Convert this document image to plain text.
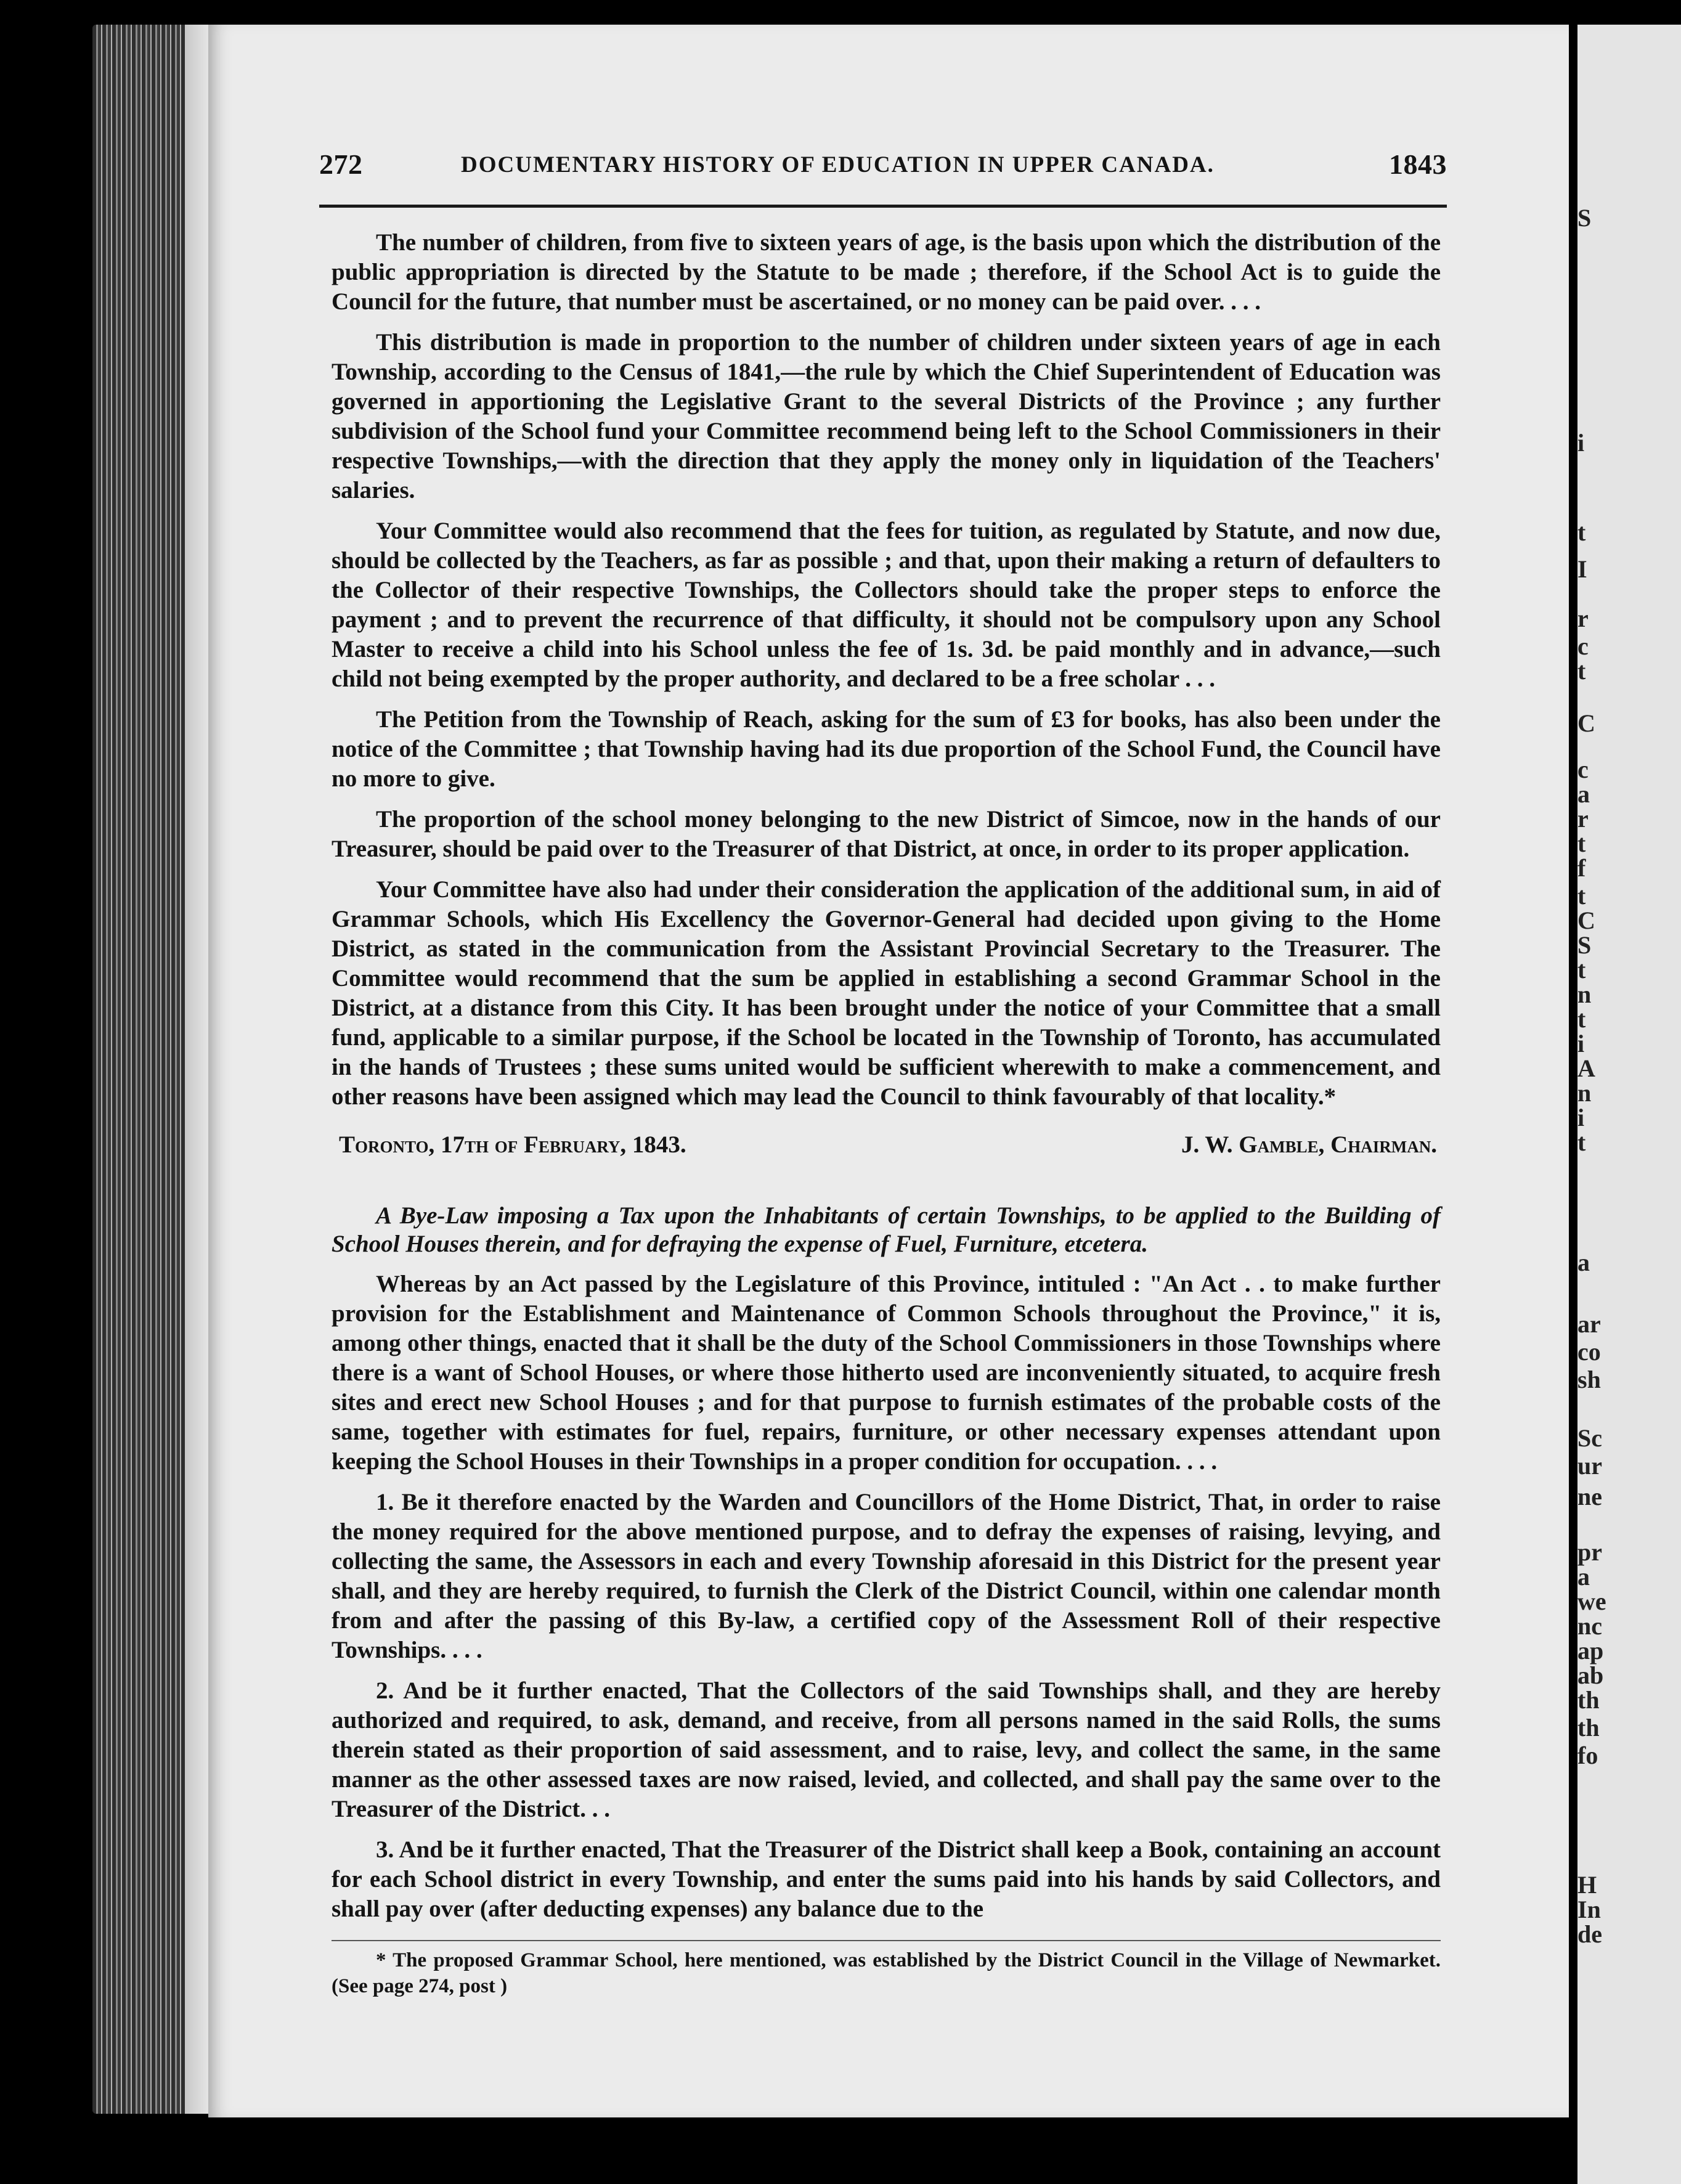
272	DOCUMENTARY HISTORY OF EDUCATION IN UPPER CANADA.	1843

The number of children, from five to sixteen years of age, is the basis upon which the distribution of the public appropriation is directed by the Statute to be made ; therefore, if the School Act is to guide the Council for the future, that number must be ascertained, or no money can be paid over. . . .

This distribution is made in proportion to the number of children under sixteen years of age in each Township, according to the Census of 1841,—the rule by which the Chief Superintendent of Education was governed in apportioning the Legislative Grant to the several Districts of the Province ; any further subdivision of the School fund your Committee recommend being left to the School Commissioners in their respective Townships,—with the direction that they apply the money only in liquidation of the Teachers' salaries.

Your Committee would also recommend that the fees for tuition, as regulated by Statute, and now due, should be collected by the Teachers, as far as possible ; and that, upon their making a return of defaulters to the Collector of their respective Townships, the Collectors should take the proper steps to enforce the payment ; and to prevent the recurrence of that difficulty, it should not be compulsory upon any School Master to receive a child into his School unless the fee of 1s. 3d. be paid monthly and in advance,—such child not being exempted by the proper authority, and declared to be a free scholar . . .

The Petition from the Township of Reach, asking for the sum of £3 for books, has also been under the notice of the Committee ; that Township having had its due proportion of the School Fund, the Council have no more to give.

The proportion of the school money belonging to the new District of Simcoe, now in the hands of our Treasurer, should be paid over to the Treasurer of that District, at once, in order to its proper application.

Your Committee have also had under their consideration the application of the additional sum, in aid of Grammar Schools, which His Excellency the Governor-General had decided upon giving to the Home District, as stated in the communication from the Assistant Provincial Secretary to the Treasurer. The Committee would recommend that the sum be applied in establishing a second Grammar School in the District, at a distance from this City. It has been brought under the notice of your Committee that a small fund, applicable to a similar purpose, if the School be located in the Township of Toronto, has accumulated in the hands of Trustees ; these sums united would be sufficient wherewith to make a commencement, and other reasons have been assigned which may lead the Council to think favourably of that locality.*

Toronto, 17th of February, 1843.	J. W. Gamble, Chairman.

A Bye-Law imposing a Tax upon the Inhabitants of certain Townships, to be applied to the Building of School Houses therein, and for defraying the expense of Fuel, Furniture, etcetera.

Whereas by an Act passed by the Legislature of this Province, intituled : "An Act . . to make further provision for the Establishment and Maintenance of Common Schools throughout the Province," it is, among other things, enacted that it shall be the duty of the School Commissioners in those Townships where there is a want of School Houses, or where those hitherto used are inconveniently situated, to acquire fresh sites and erect new School Houses ; and for that purpose to furnish estimates of the probable costs of the same, together with estimates for fuel, repairs, furniture, or other necessary expenses attendant upon keeping the School Houses in their Townships in a proper condition for occupation. . . .

1. Be it therefore enacted by the Warden and Councillors of the Home District, That, in order to raise the money required for the above mentioned purpose, and to defray the expenses of raising, levying, and collecting the same, the Assessors in each and every Township aforesaid in this District for the present year shall, and they are hereby required, to furnish the Clerk of the District Council, within one calendar month from and after the passing of this By-law, a certified copy of the Assessment Roll of their respective Townships. . . .

2. And be it further enacted, That the Collectors of the said Townships shall, and they are hereby authorized and required, to ask, demand, and receive, from all persons named in the said Rolls, the sums therein stated as their proportion of said assessment, and to raise, levy, and collect the same, in the same manner as the other assessed taxes are now raised, levied, and collected, and shall pay the same over to the Treasurer of the District. . .

3. And be it further enacted, That the Treasurer of the District shall keep a Book, containing an account for each School district in every Township, and enter the sums paid into his hands by said Collectors, and shall pay over (after deducting expenses) any balance due to the

* The proposed Grammar School, here mentioned, was established by the District Council in the Village of Newmarket. (See page 274, post )

S
i
t
I
r
c
t
C
c
a
r
t
f
t
C
S
t
n
t
i
A
n
i
t
a
ar
co
sh
Sc
ur
ne
pr
a
we
nc
ap
ab
th
th
fo
H
In
de
